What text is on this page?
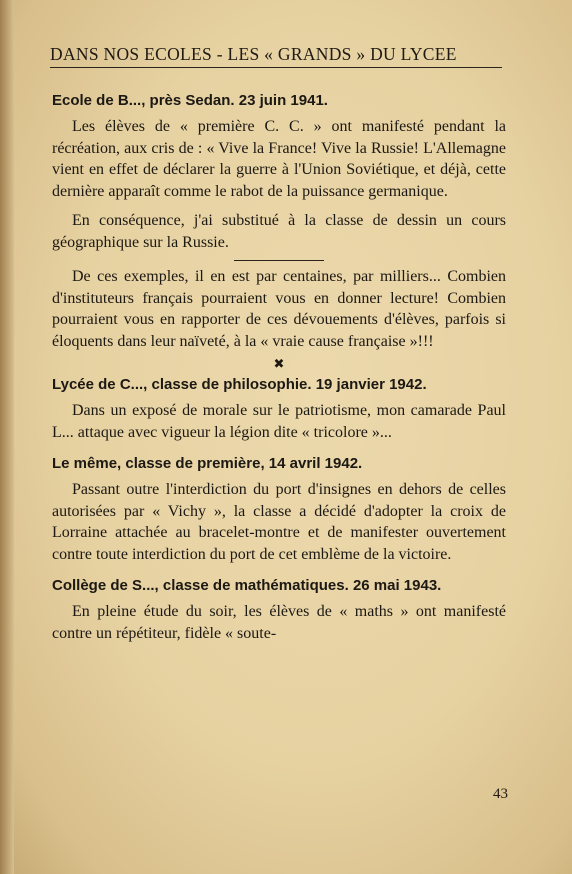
DANS NOS ECOLES - LES « GRANDS » DU LYCEE
Ecole de B..., près Sedan. 23 juin 1941.

Les élèves de « première C. C. » ont manifesté pendant la récréation, aux cris de : « Vive la France! Vive la Russie! L'Allemagne vient en effet de déclarer la guerre à l'Union Soviétique, et déjà, cette dernière apparaît comme le rabot de la puissance germanique.

En conséquence, j'ai substitué à la classe de dessin un cours géographique sur la Russie.

De ces exemples, il en est par centaines, par milliers... Combien d'instituteurs français pourraient vous en donner lecture! Combien pourraient vous en rapporter de ces dévouements d'élèves, parfois si éloquents dans leur naïveté, à la « vraie cause française »!!!

✖
Lycée de C..., classe de philosophie. 19 janvier 1942.

Dans un exposé de morale sur le patriotisme, mon camarade Paul L... attaque avec vigueur la légion dite « tricolore »...

Le même, classe de première, 14 avril 1942.

Passant outre l'interdiction du port d'insignes en dehors de celles autorisées par « Vichy », la classe a décidé d'adopter la croix de Lorraine attachée au bracelet-montre et de manifester ouvertement contre toute interdiction du port de cet emblème de la victoire.

Collège de S..., classe de mathématiques. 26 mai 1943.

En pleine étude du soir, les élèves de « maths » ont manifesté contre un répétiteur, fidèle « soute-

43
